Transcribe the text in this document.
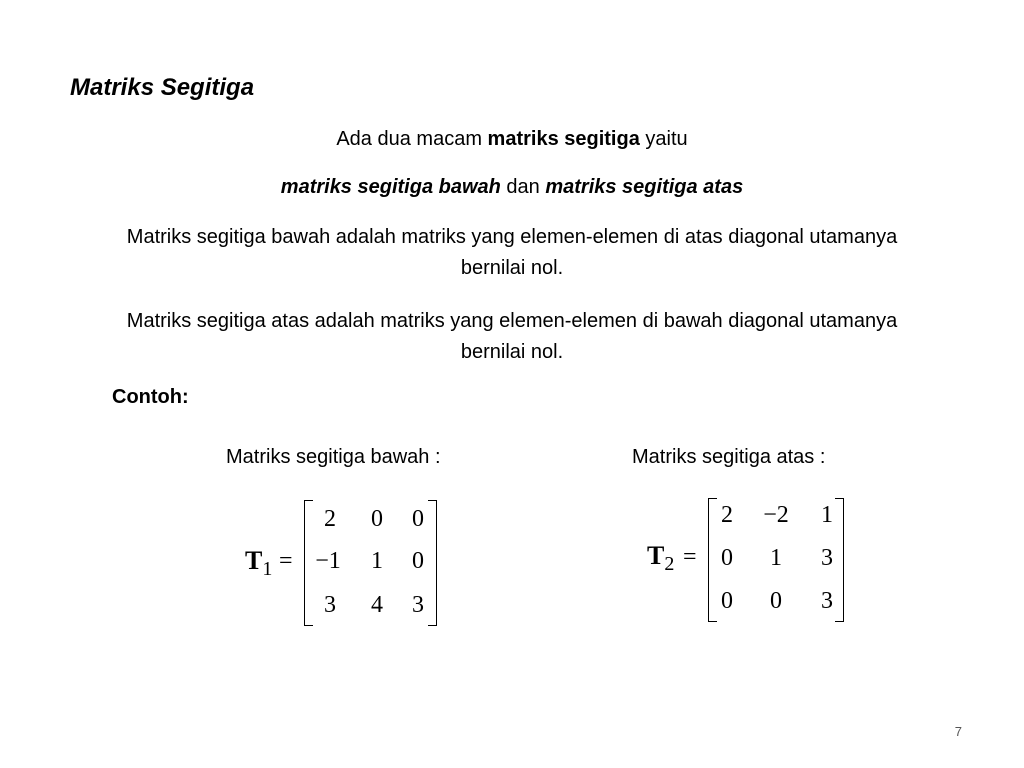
Matriks Segitiga
Ada dua macam matriks segitiga yaitu
matriks segitiga bawah dan matriks segitiga atas
Matriks segitiga bawah adalah matriks yang elemen-elemen di atas diagonal utamanya bernilai nol.
Matriks segitiga atas adalah matriks yang elemen-elemen di bawah diagonal utamanya bernilai nol.
Contoh:
Matriks segitiga bawah :	Matriks segitiga atas :
$T_1$ =
2	0	0
−1	1	0
3	4	3
$T_2$ =
2	−2	1
0	1	3
0	0	3
7
